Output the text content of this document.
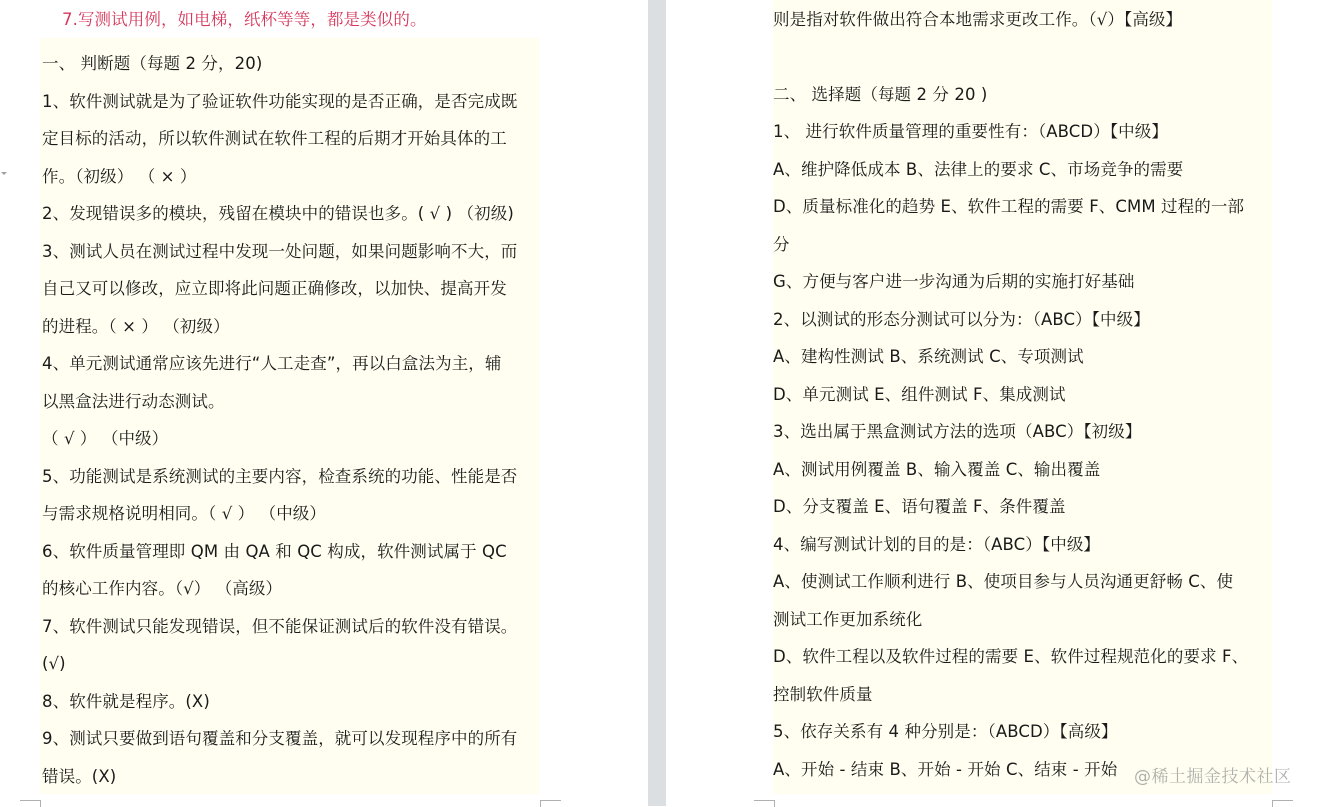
7.写测试用例，如电梯，纸杯等等，都是类似的。
一、 判断题（每题 2 分，20)
1、软件测试就是为了验证软件功能实现的是否正确，是否完成既
定目标的活动，所以软件测试在软件工程的后期才开始具体的工
作。（初级） （ × ）
2、发现错误多的模块，残留在模块中的错误也多。( √ ) （初级)
3、测试人员在测试过程中发现一处问题，如果问题影响不大，而
自己又可以修改，应立即将此问题正确修改，以加快、提高开发
的进程。（ × ） （初级）
4、单元测试通常应该先进行“人工走查”，再以白盒法为主，辅
以黑盒法进行动态测试。
（ √ ） （中级）
5、功能测试是系统测试的主要内容，检查系统的功能、性能是否
与需求规格说明相同。（ √ ） （中级）
6、软件质量管理即 QM 由 QA 和 QC 构成，软件测试属于 QC
的核心工作内容。（√） （高级）
7、软件测试只能发现错误，但不能保证测试后的软件没有错误。
(√)
8、软件就是程序。(X)
9、测试只要做到语句覆盖和分支覆盖，就可以发现程序中的所有
错误。(X)
则是指对软件做出符合本地需求更改工作。（√）【高级】
二、 选择题（每题 2 分 20 )
1、 进行软件质量管理的重要性有：（ABCD）【中级】
A、维护降低成本 B、法律上的要求 C、市场竞争的需要
D、质量标准化的趋势 E、软件工程的需要 F、CMM 过程的一部
分
G、方便与客户进一步沟通为后期的实施打好基础
2、以测试的形态分测试可以分为：（ABC）【中级】
A、建构性测试 B、系统测试 C、专项测试
D、单元测试 E、组件测试 F、集成测试
3、选出属于黑盒测试方法的选项（ABC）【初级】
A、测试用例覆盖 B、输入覆盖 C、输出覆盖
D、分支覆盖 E、语句覆盖 F、条件覆盖
4、编写测试计划的目的是：（ABC）【中级】
A、使测试工作顺利进行 B、使项目参与人员沟通更舒畅 C、使
测试工作更加系统化
D、软件工程以及软件过程的需要 E、软件过程规范化的要求 F、
控制软件质量
5、依存关系有 4 种分别是：（ABCD）【高级】
A、开始 - 结束 B、开始 - 开始 C、结束 - 开始 @稀土掘金技术社区
